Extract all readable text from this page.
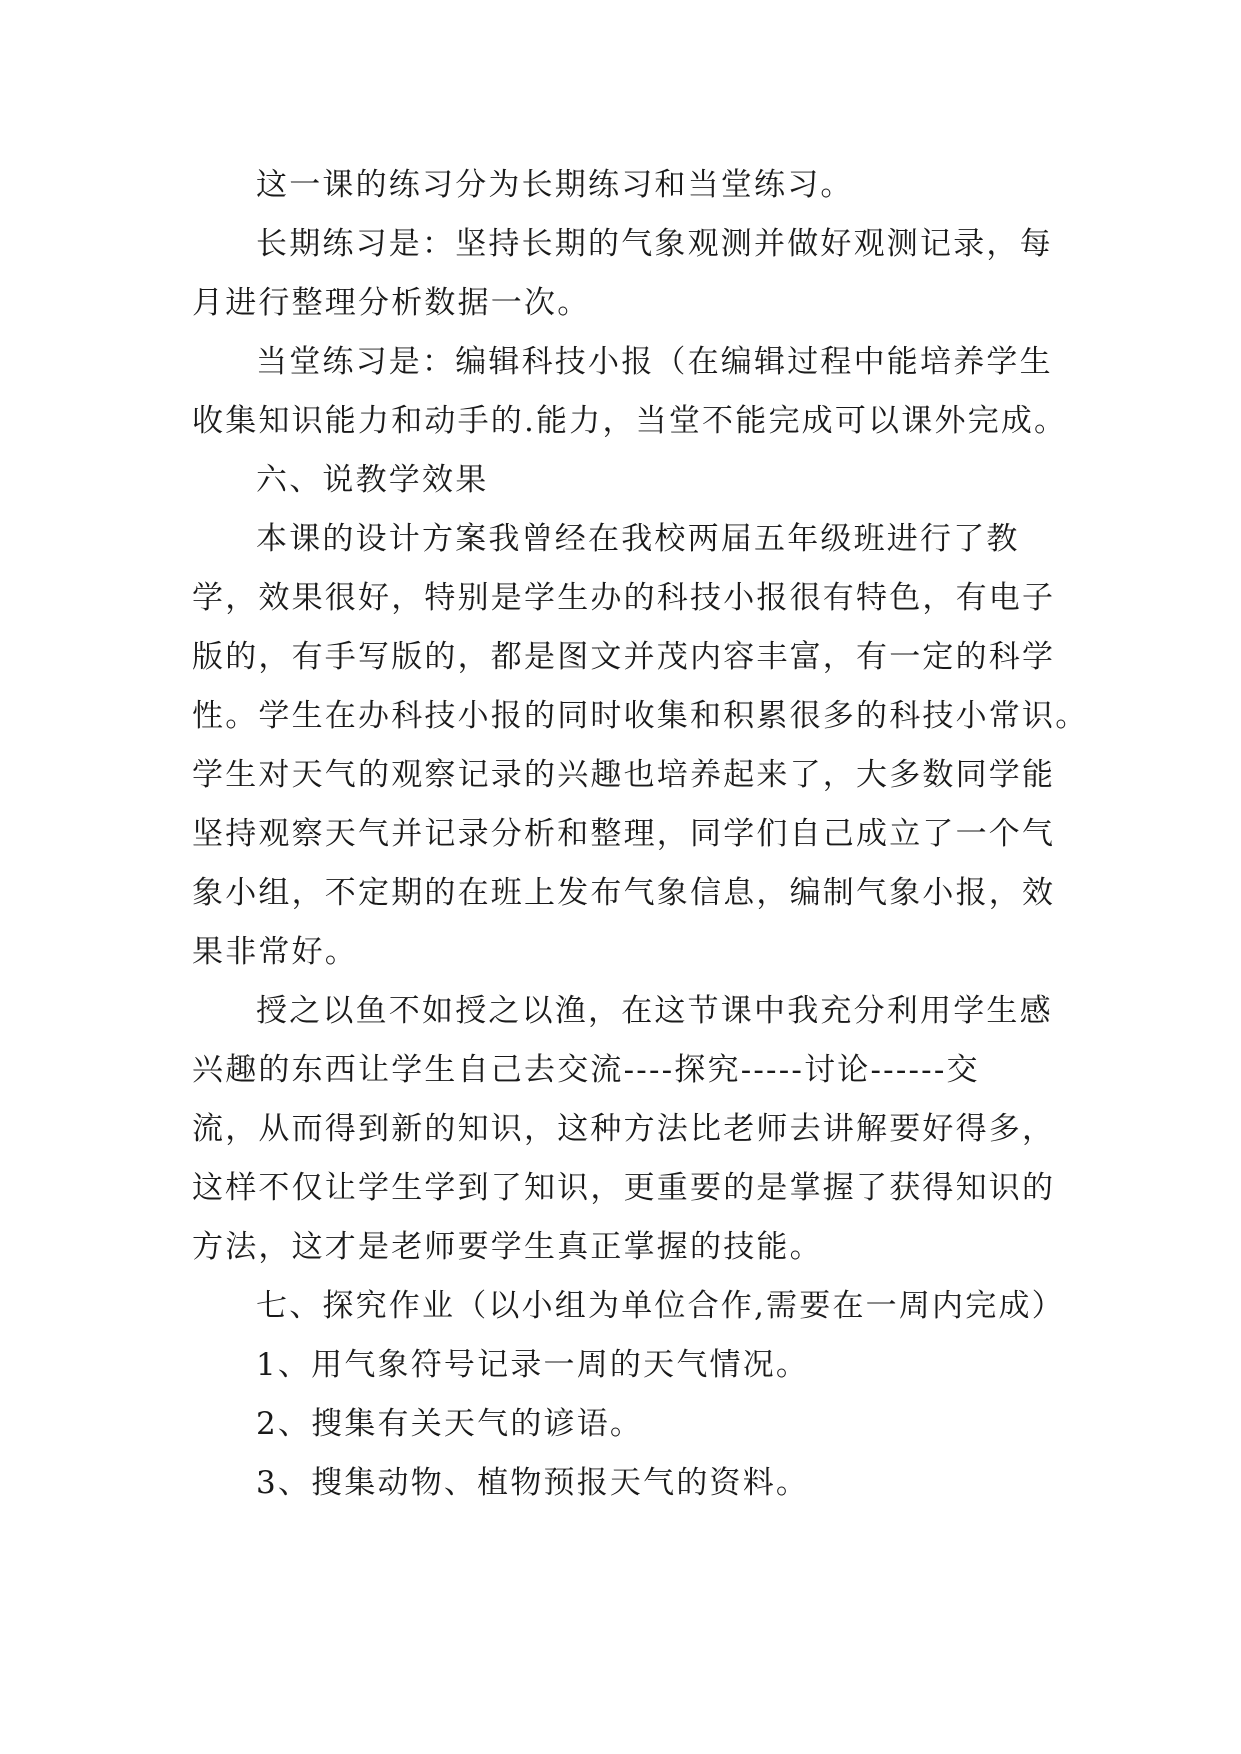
这一课的练习分为长期练习和当堂练习。
长期练习是：坚持长期的气象观测并做好观测记录，每
月进行整理分析数据一次。
当堂练习是：编辑科技小报（在编辑过程中能培养学生
收集知识能力和动手的.能力，当堂不能完成可以课外完成。
六、说教学效果
本课的设计方案我曾经在我校两届五年级班进行了教
学，效果很好，特别是学生办的科技小报很有特色，有电子
版的，有手写版的，都是图文并茂内容丰富，有一定的科学
性。学生在办科技小报的同时收集和积累很多的科技小常识。
学生对天气的观察记录的兴趣也培养起来了，大多数同学能
坚持观察天气并记录分析和整理，同学们自己成立了一个气
象小组，不定期的在班上发布气象信息，编制气象小报，效
果非常好。
授之以鱼不如授之以渔，在这节课中我充分利用学生感
兴趣的东西让学生自己去交流----探究-----讨论------交
流，从而得到新的知识，这种方法比老师去讲解要好得多，
这样不仅让学生学到了知识，更重要的是掌握了获得知识的
方法，这才是老师要学生真正掌握的技能。
七、探究作业（以小组为单位合作,需要在一周内完成）
1、用气象符号记录一周的天气情况。
2、搜集有关天气的谚语。
3、搜集动物、植物预报天气的资料。
